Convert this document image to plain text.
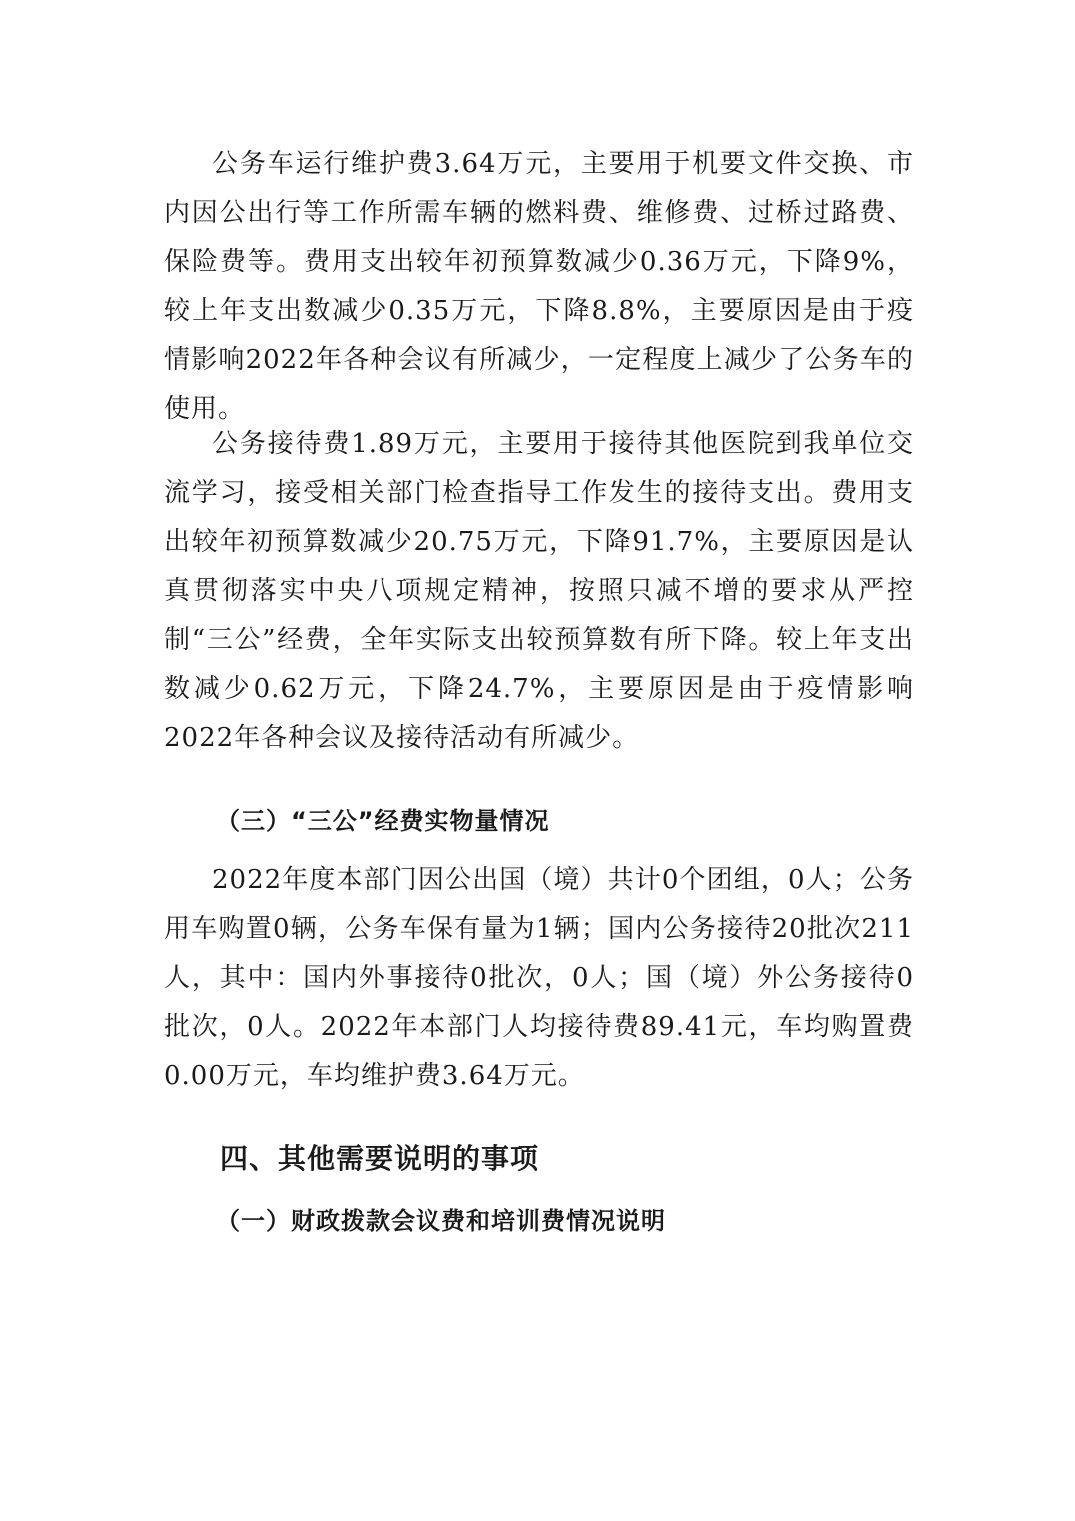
公务车运行维护费3.64万元，主要用于机要文件交换、市内因公出行等工作所需车辆的燃料费、维修费、过桥过路费、保险费等。费用支出较年初预算数减少0.36万元，下降9%，较上年支出数减少0.35万元，下降8.8%，主要原因是由于疫情影响2022年各种会议有所减少，一定程度上减少了公务车的使用。

公务接待费1.89万元，主要用于接待其他医院到我单位交流学习，接受相关部门检查指导工作发生的接待支出。费用支出较年初预算数减少20.75万元，下降91.7%，主要原因是认真贯彻落实中央八项规定精神，按照只减不增的要求从严控制“三公”经费，全年实际支出较预算数有所下降。较上年支出数减少0.62万元，下降24.7%，主要原因是由于疫情影响2022年各种会议及接待活动有所减少。

（三）“三公”经费实物量情况

2022年度本部门因公出国（境）共计0个团组，0人；公务用车购置0辆，公务车保有量为1辆；国内公务接待20批次211人，其中：国内外事接待0批次，0人；国（境）外公务接待0批次，0人。2022年本部门人均接待费89.41元，车均购置费0.00万元，车均维护费3.64万元。

四、其他需要说明的事项
（一）财政拨款会议费和培训费情况说明
